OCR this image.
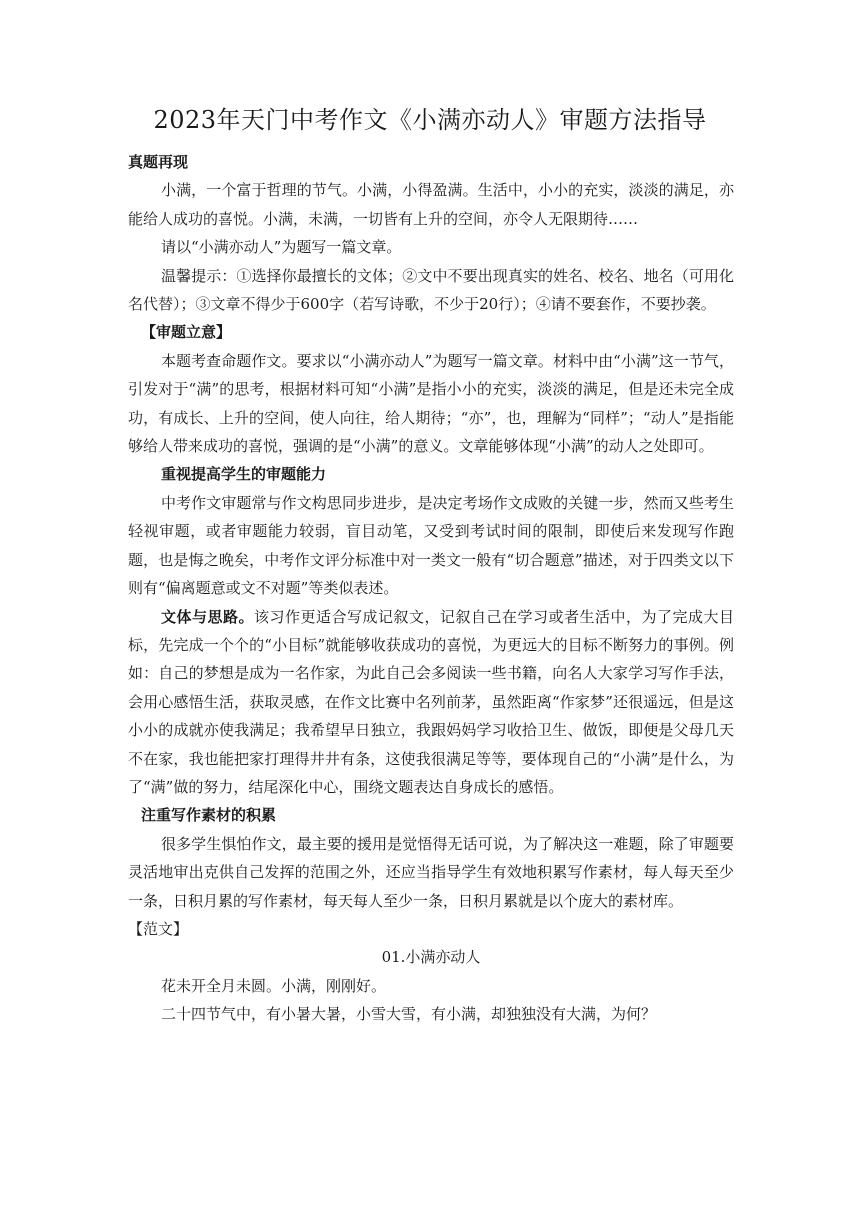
2023年天门中考作文《小满亦动人》审题方法指导

真题再现

小满，一个富于哲理的节气。小满，小得盈满。生活中，小小的充实，淡淡的满足，亦能给人成功的喜悦。小满，未满，一切皆有上升的空间，亦令人无限期待……

请以“小满亦动人”为题写一篇文章。

温馨提示：①选择你最擅长的文体；②文中不要出现真实的姓名、校名、地名（可用化名代替）；③文章不得少于600字（若写诗歌，不少于20行）；④请不要套作，不要抄袭。

【审题立意】

本题考查命题作文。要求以“小满亦动人”为题写一篇文章。材料中由“小满”这一节气，引发对于“满”的思考，根据材料可知“小满”是指小小的充实，淡淡的满足，但是还未完全成功，有成长、上升的空间，使人向往，给人期待；“亦”，也，理解为“同样”；“动人”是指能够给人带来成功的喜悦，强调的是“小满”的意义。文章能够体现“小满”的动人之处即可。

重视提高学生的审题能力

中考作文审题常与作文构思同步进步，是决定考场作文成败的关键一步，然而又些考生轻视审题，或者审题能力较弱，盲目动笔，又受到考试时间的限制，即使后来发现写作跑题，也是悔之晚矣，中考作文评分标准中对一类文一般有“切合题意”描述，对于四类文以下则有“偏离题意或文不对题”等类似表述。

文体与思路。该习作更适合写成记叙文，记叙自己在学习或者生活中，为了完成大目标，先完成一个个的“小目标”就能够收获成功的喜悦，为更远大的目标不断努力的事例。例如：自己的梦想是成为一名作家，为此自己会多阅读一些书籍，向名人大家学习写作手法，会用心感悟生活，获取灵感，在作文比赛中名列前茅，虽然距离“作家梦”还很遥远，但是这小小的成就亦使我满足；我希望早日独立，我跟妈妈学习收拾卫生、做饭，即便是父母几天不在家，我也能把家打理得井井有条，这使我很满足等等，要体现自己的“小满”是什么，为了“满”做的努力，结尾深化中心，围绕文题表达自身成长的感悟。

注重写作素材的积累

很多学生惧怕作文，最主要的援用是觉悟得无话可说，为了解决这一难题，除了审题要灵活地审出克供自己发挥的范围之外，还应当指导学生有效地积累写作素材，每人每天至少一条，日积月累的写作素材，每天每人至少一条，日积月累就是以个庞大的素材库。

【范文】

01.小满亦动人

花未开全月未圆。小满，刚刚好。

二十四节气中，有小暑大暑，小雪大雪，有小满，却独独没有大满，为何？
